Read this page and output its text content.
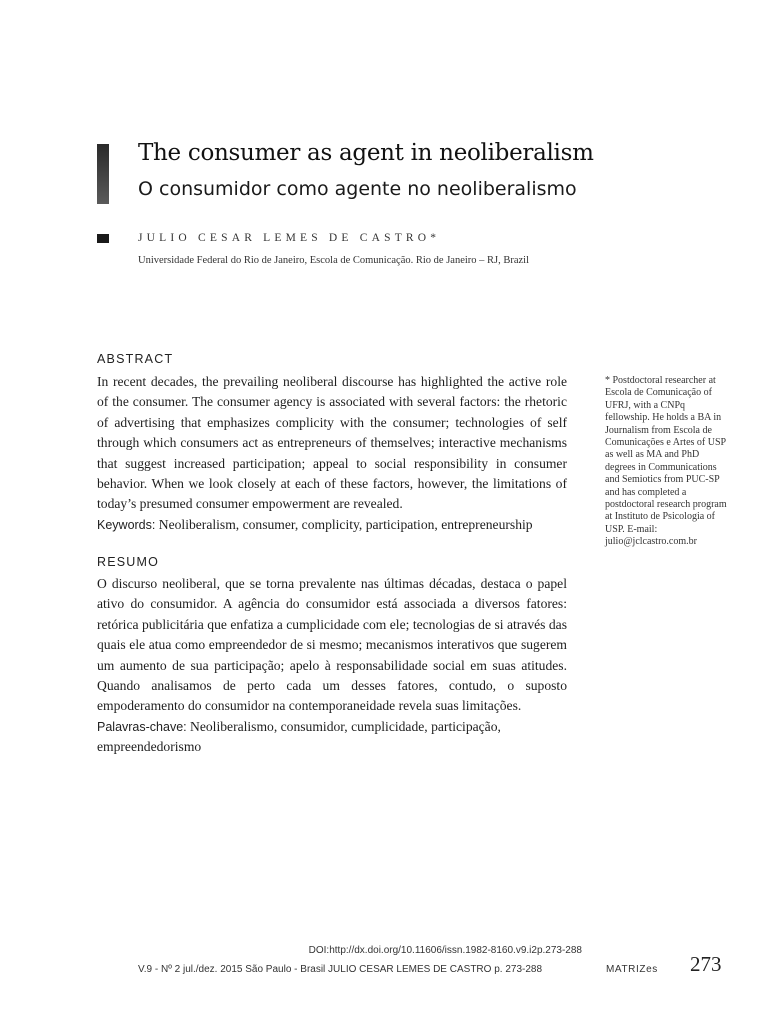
The consumer as agent in neoliberalism
O consumidor como agente no neoliberalismo
JULIO CESAR LEMES DE CASTRO*
Universidade Federal do Rio de Janeiro, Escola de Comunicação. Rio de Janeiro – RJ, Brazil
ABSTRACT

In recent decades, the prevailing neoliberal discourse has highlighted the active role of the consumer. The consumer agency is associated with several factors: the rhetoric of advertising that emphasizes complicity with the consumer; technologies of self through which consumers act as entrepreneurs of themselves; interactive mechanisms that suggest increased participation; appeal to social responsibility in consumer behavior. When we look closely at each of these factors, however, the limitations of today’s presumed consumer empowerment are revealed.
Keywords: Neoliberalism, consumer, complicity, participation, entrepreneurship

RESUMO

O discurso neoliberal, que se torna prevalente nas últimas décadas, destaca o papel ativo do consumidor. A agência do consumidor está associada a diversos fatores: retórica publicitária que enfatiza a cumplicidade com ele; tecnologias de si através das quais ele atua como empreendedor de si mesmo; mecanismos interativos que sugerem um aumento de sua participação; apelo à responsabilidade social em suas atitudes. Quando analisamos de perto cada um desses fatores, contudo, o suposto empoderamento do consumidor na contemporaneidade revela suas limitações.
Palavras-chave: Neoliberalismo, consumidor, cumplicidade, participação, empreendedorismo

* Postdoctoral researcher at Escola de Comunicação of UFRJ, with a CNPq fellowship. He holds a BA in Journalism from Escola de Comunicações e Artes of USP as well as MA and PhD degrees in Communications and Semiotics from PUC-SP and has completed a postdoctoral research program at Instituto de Psicologia of USP. E-mail: julio@jclcastro.com.br

DOI:http://dx.doi.org/10.11606/issn.1982-8160.v9.i2p.273-288
V.9 - Nº 2 jul./dez. 2015 São Paulo - Brasil JULIO CESAR LEMES DE CASTRO p. 273-288	MATRIZes 273
